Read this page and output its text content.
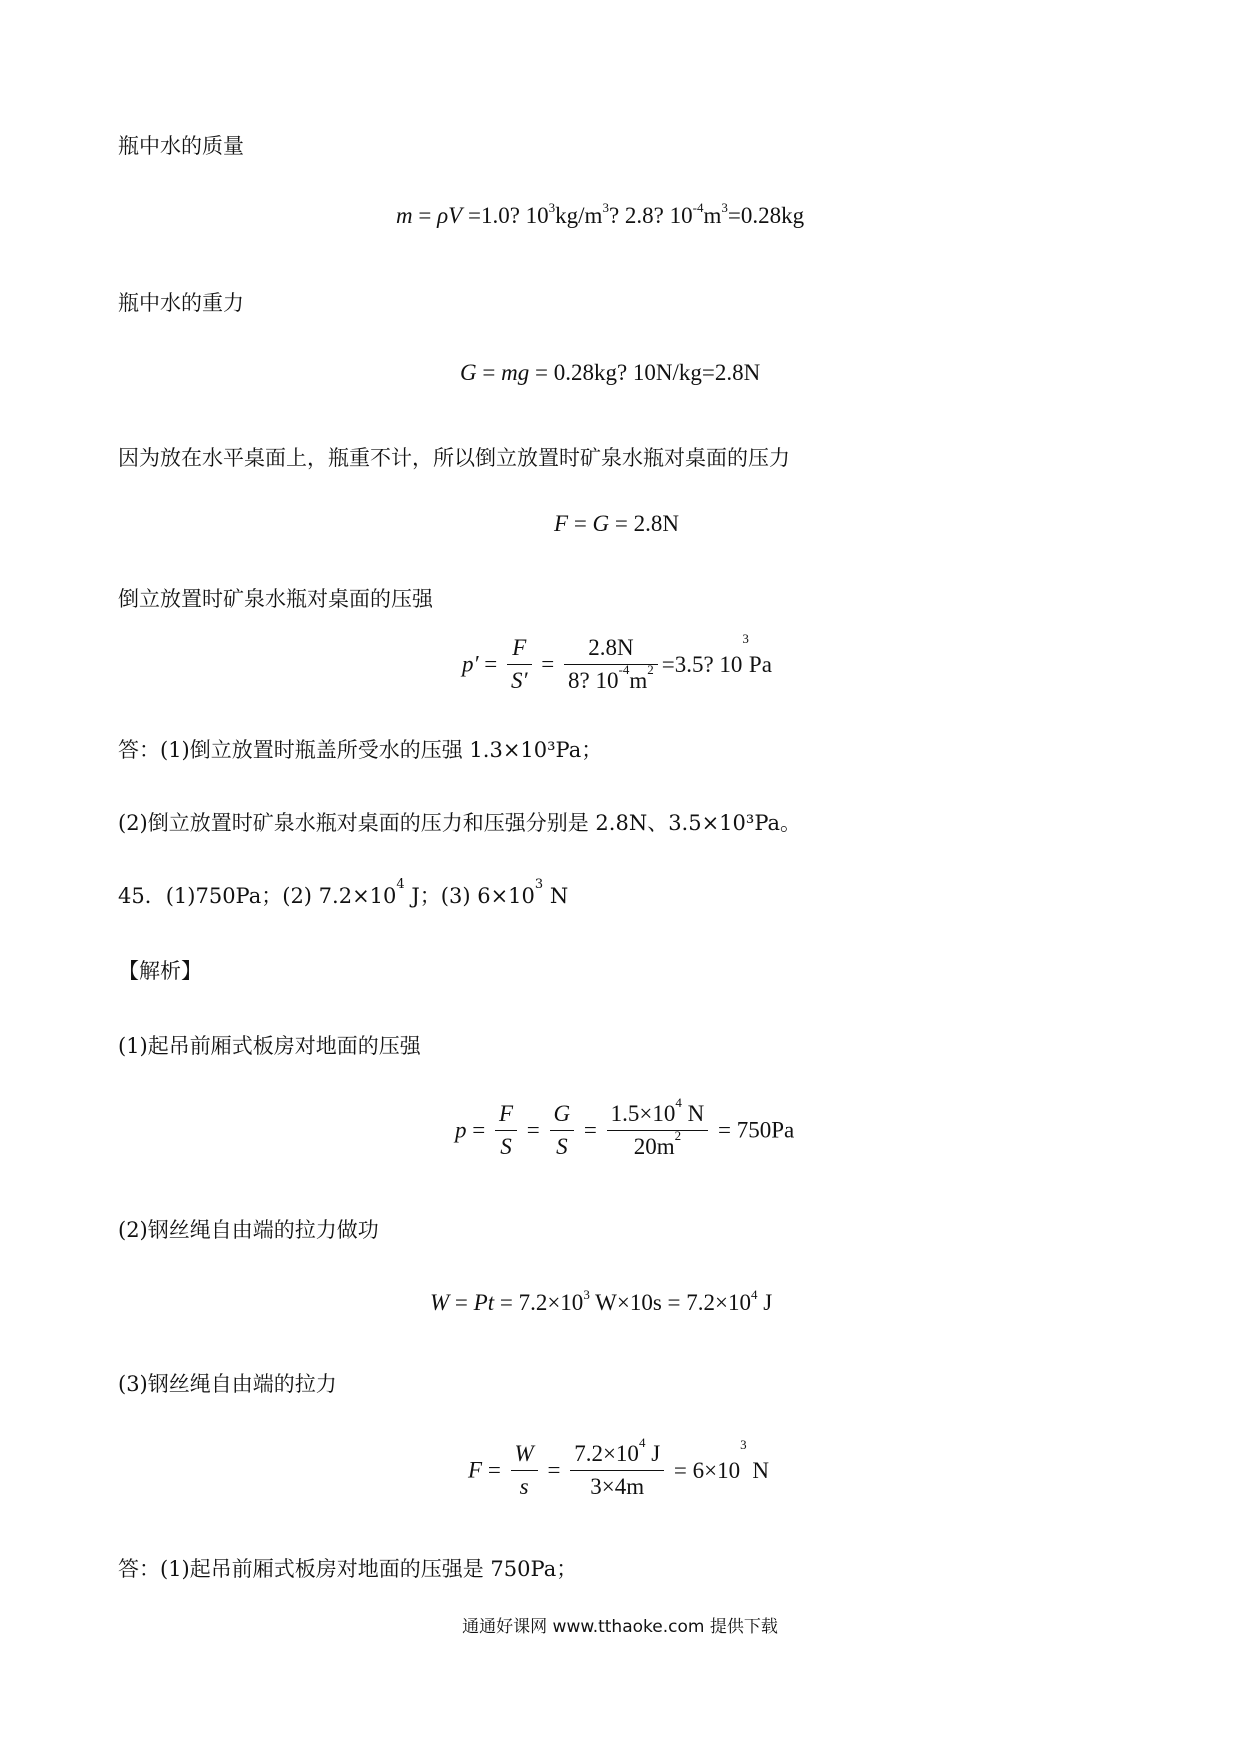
瓶中水的质量
m = ρV =1.0? $10^3kg/m^3$? 2.8? $10^{-4}m^3=0.28kg$
瓶中水的重力
G = mg = 0.28kg? 10N/kg=2.8N
因为放在水平桌面上，瓶重不计，所以倒立放置时矿泉水瓶对桌面的压力
F = G = 2.8N
倒立放置时矿泉水瓶对桌面的压强
$p' = \frac{F}{S'} = \frac{2.8N}{8? 10^{-4}m^2} =3.5$? $10^3Pa$
答：(1)倒立放置时瓶盖所受水的压强 1.3×10³Pa；
(2)倒立放置时矿泉水瓶对桌面的压力和压强分别是 2.8N、3.5×10³Pa。
45．(1)750Pa；(2) $7.2\times 10^4$ J；(3) $6\times 10^3$ N
【解析】
(1)起吊前厢式板房对地面的压强
$p = \frac{F}{S} = \frac{G}{S} = \frac{1.5\times 10^4 N}{20m^2} = 750Pa$
(2)钢丝绳自由端的拉力做功
$W = Pt = 7.2\times 10^3$ $W\times 10s = 7.2\times 10^4$ J
(3)钢丝绳自由端的拉力
$F = \frac{W}{s} = \frac{7.2\times 10^4 J}{3\times 4m} = 6\times 10^3$ N
答：(1)起吊前厢式板房对地面的压强是 750Pa；
通通好课网 www.tthaoke.com 提供下载
